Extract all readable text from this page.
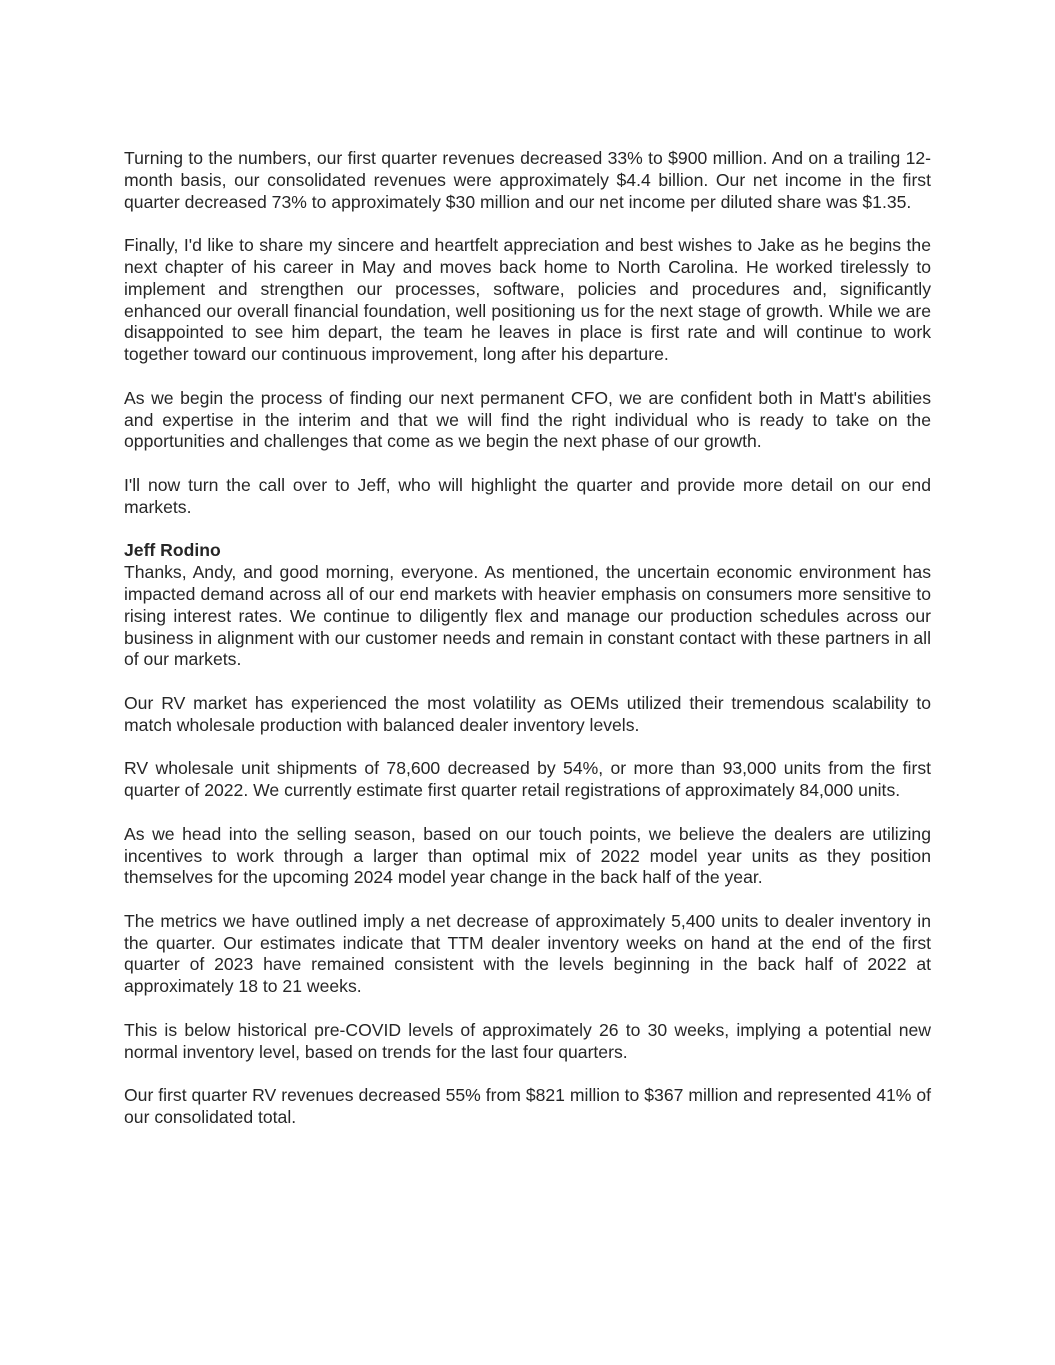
Turning to the numbers, our first quarter revenues decreased 33% to $900 million. And on a trailing 12-month basis, our consolidated revenues were approximately $4.4 billion. Our net income in the first quarter decreased 73% to approximately $30 million and our net income per diluted share was $1.35.

Finally, I'd like to share my sincere and heartfelt appreciation and best wishes to Jake as he begins the next chapter of his career in May and moves back home to North Carolina. He worked tirelessly to implement and strengthen our processes, software, policies and procedures and, significantly enhanced our overall financial foundation, well positioning us for the next stage of growth. While we are disappointed to see him depart, the team he leaves in place is first rate and will continue to work together toward our continuous improvement, long after his departure.

As we begin the process of finding our next permanent CFO, we are confident both in Matt's abilities and expertise in the interim and that we will find the right individual who is ready to take on the opportunities and challenges that come as we begin the next phase of our growth.

I'll now turn the call over to Jeff, who will highlight the quarter and provide more detail on our end markets.

Jeff Rodino

Thanks, Andy, and good morning, everyone. As mentioned, the uncertain economic environment has impacted demand across all of our end markets with heavier emphasis on consumers more sensitive to rising interest rates. We continue to diligently flex and manage our production schedules across our business in alignment with our customer needs and remain in constant contact with these partners in all of our markets.

Our RV market has experienced the most volatility as OEMs utilized their tremendous scalability to match wholesale production with balanced dealer inventory levels.

RV wholesale unit shipments of 78,600 decreased by 54%, or more than 93,000 units from the first quarter of 2022. We currently estimate first quarter retail registrations of approximately 84,000 units.

As we head into the selling season, based on our touch points, we believe the dealers are utilizing incentives to work through a larger than optimal mix of 2022 model year units as they position themselves for the upcoming 2024 model year change in the back half of the year.

The metrics we have outlined imply a net decrease of approximately 5,400 units to dealer inventory in the quarter. Our estimates indicate that TTM dealer inventory weeks on hand at the end of the first quarter of 2023 have remained consistent with the levels beginning in the back half of 2022 at approximately 18 to 21 weeks.

This is below historical pre-COVID levels of approximately 26 to 30 weeks, implying a potential new normal inventory level, based on trends for the last four quarters.

Our first quarter RV revenues decreased 55% from $821 million to $367 million and represented 41% of our consolidated total.
